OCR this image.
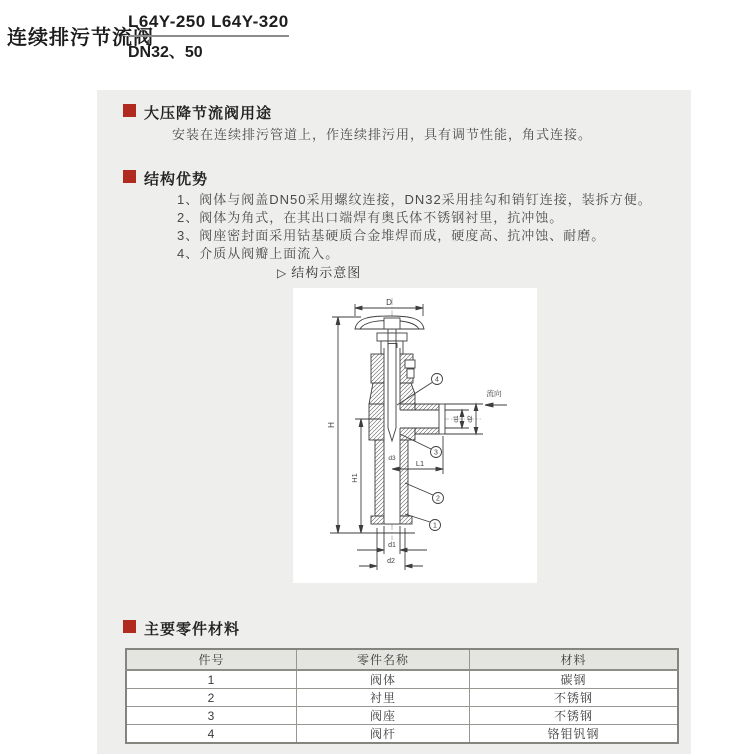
连续排污节流阀
L64Y-250 L64Y-320
DN32、50
大压降节流阀用途
安装在连续排污管道上，作连续排污用，具有调节性能，角式连接。
结构优势
1、阀体与阀盖DN50采用螺纹连接，DN32采用挂勾和销钉连接，装拆方便。
2、阀体为角式，在其出口端焊有奥氏体不锈钢衬里，抗冲蚀。
3、阀座密封面采用钴基硬质合金堆焊而成，硬度高、抗冲蚀、耐磨。
4、介质从阀瓣上面流入。
▷ 结构示意图
D
H
H1
L1
d1 d2
d3
d1
d2
流向
4
3
2
1
主要零件材料
件号	零件名称	材料
1	阀体	碳钢
2	衬里	不锈钢
3	阀座	不锈钢
4	阀杆	铬钼钒钢
